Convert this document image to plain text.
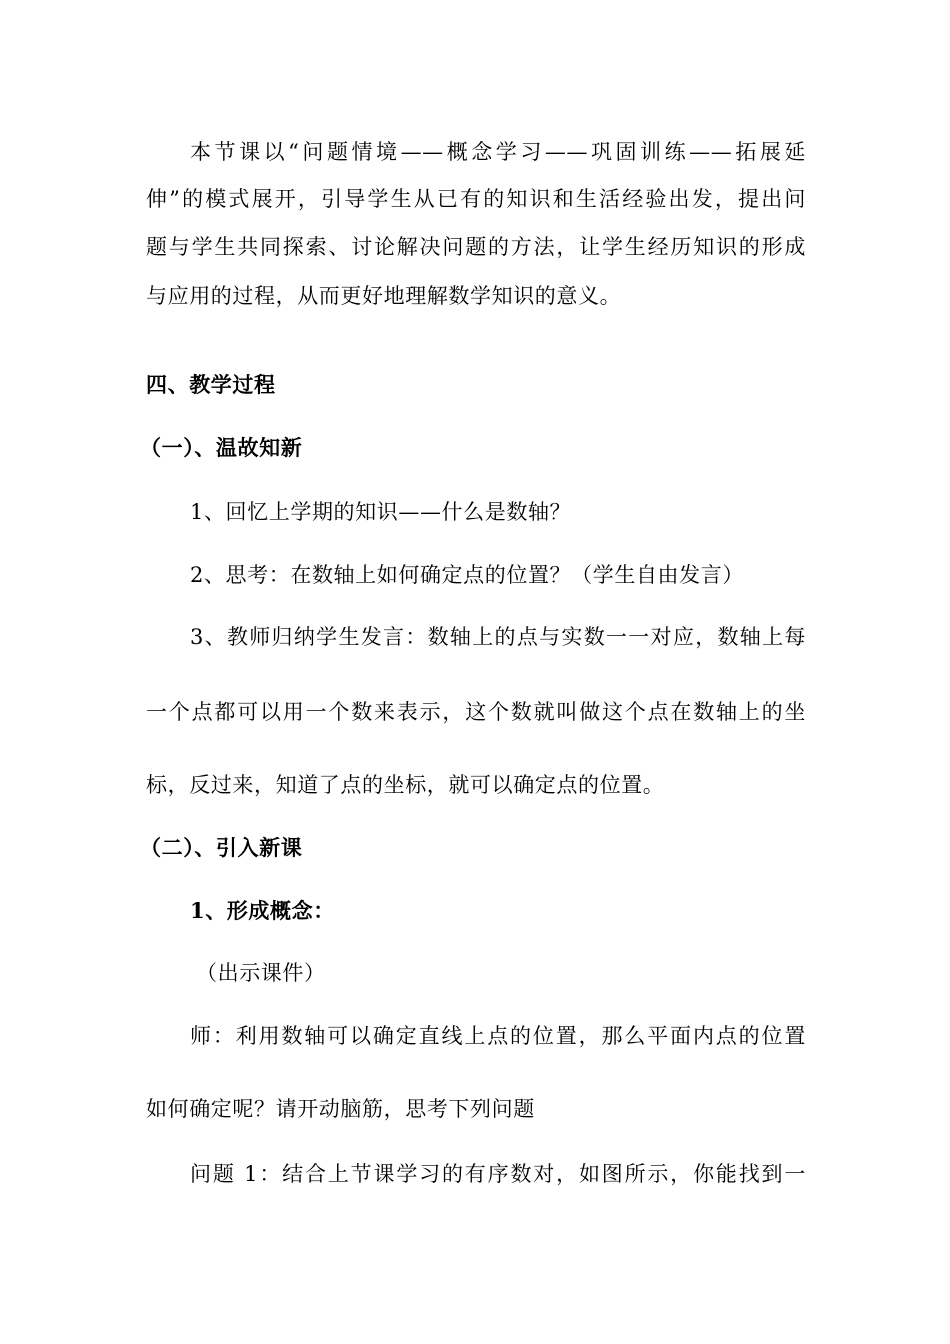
本节课以“问题情境——概念学习——巩固训练——拓展延
伸”的模式展开，引导学生从已有的知识和生活经验出发，提出问
题与学生共同探索、讨论解决问题的方法，让学生经历知识的形成
与应用的过程，从而更好地理解数学知识的意义。
四、教学过程
（一）、温故知新
1、回忆上学期的知识——什么是数轴？
2、思考：在数轴上如何确定点的位置？（学生自由发言）
3、教师归纳学生发言：数轴上的点与实数一一对应，数轴上每
一个点都可以用一个数来表示，这个数就叫做这个点在数轴上的坐
标，反过来，知道了点的坐标，就可以确定点的位置。
（二）、引入新课
1、形成概念：
（出示课件）
师：利用数轴可以确定直线上点的位置，那么平面内点的位置
如何确定呢？请开动脑筋，思考下列问题
问题 1：结合上节课学习的有序数对，如图所示，你能找到一
